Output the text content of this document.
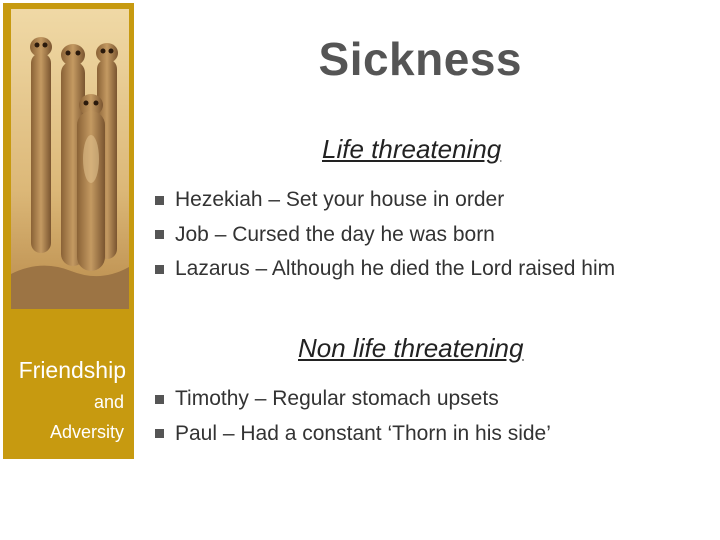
Friendship
and
Adversity
Sickness
Life threatening
Hezekiah – Set your house in order
Job – Cursed the day he was born
Lazarus – Although he died the Lord raised him
Non life threatening
Timothy – Regular stomach upsets
Paul – Had a constant ‘Thorn in his side’
